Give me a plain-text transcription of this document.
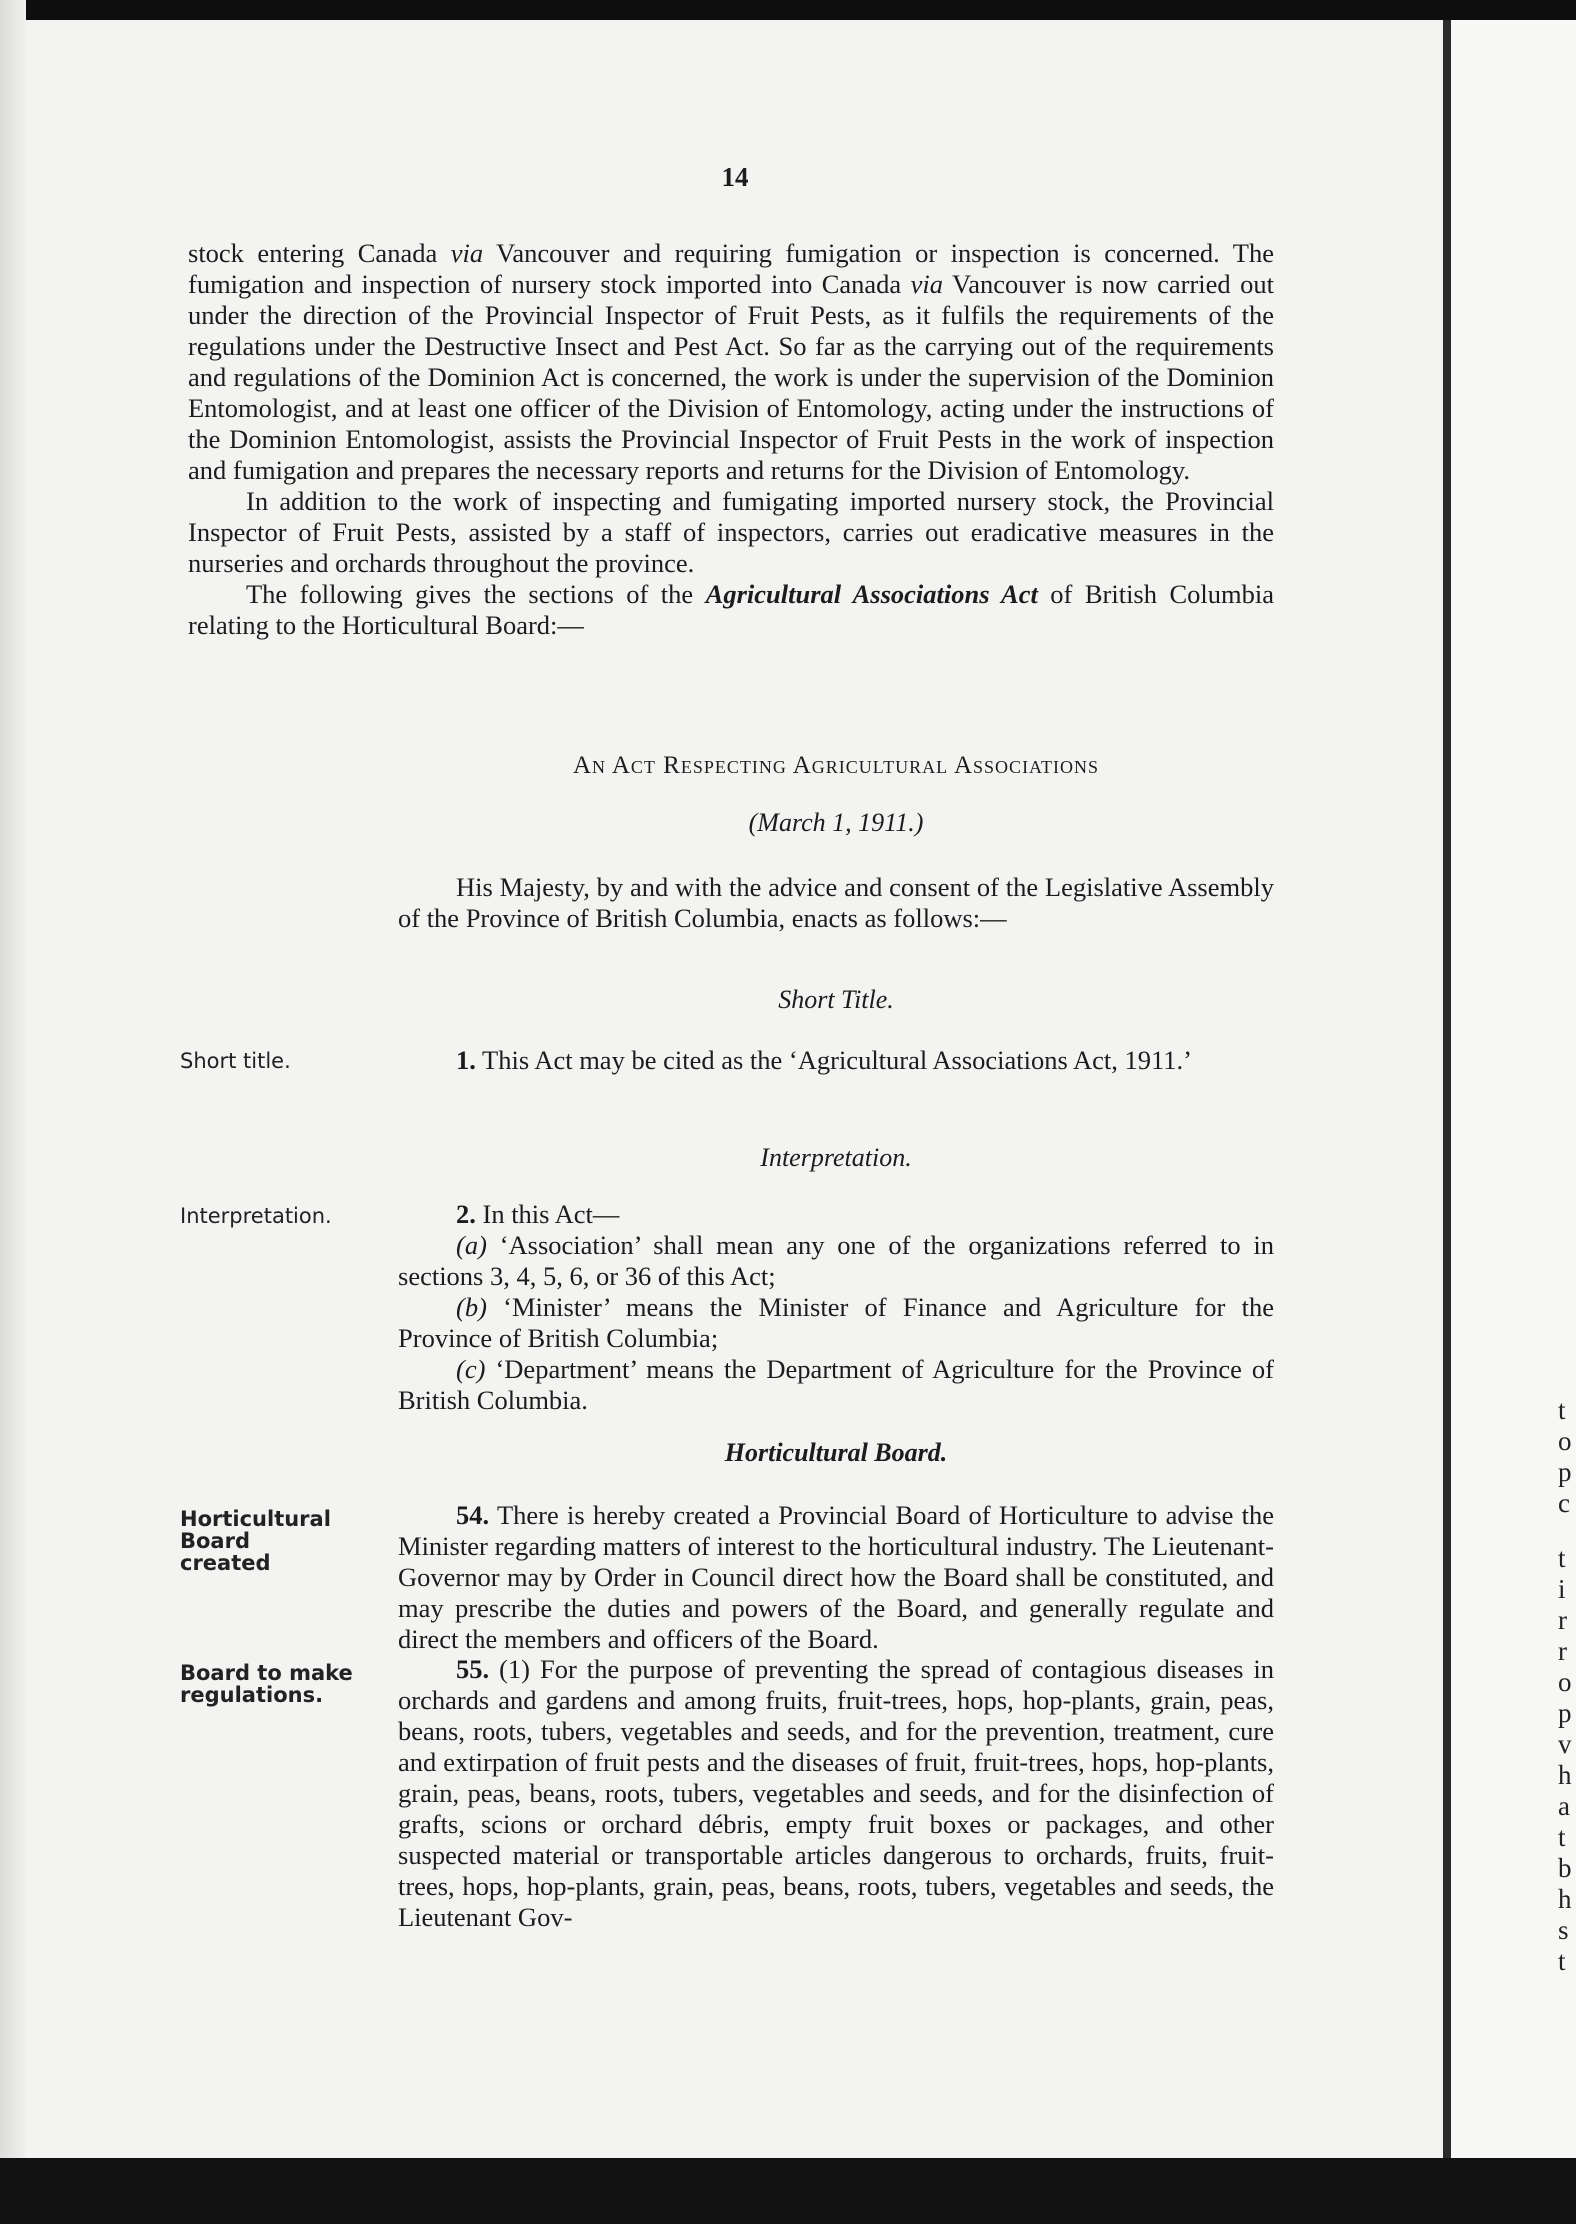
t
o
p
c
t
i
r
r
o
p
v
h
a
t
b
h
s
t
14

stock entering Canada via Vancouver and requiring fumigation or inspection is concerned. The fumigation and inspection of nursery stock imported into Canada via Vancouver is now carried out under the direction of the Provincial Inspector of Fruit Pests, as it fulfils the requirements of the regulations under the Destructive Insect and Pest Act. So far as the carrying out of the requirements and regulations of the Dominion Act is concerned, the work is under the supervision of the Dominion Entomologist, and at least one officer of the Division of Entomology, acting under the instructions of the Dominion Entomologist, assists the Provincial Inspector of Fruit Pests in the work of inspection and fumigation and prepares the necessary reports and returns for the Division of Entomology.

In addition to the work of inspecting and fumigating imported nursery stock, the Provincial Inspector of Fruit Pests, assisted by a staff of inspectors, carries out eradicative measures in the nurseries and orchards throughout the province.

The following gives the sections of the Agricultural Associations Act of British Columbia relating to the Horticultural Board:—

An Act Respecting Agricultural Associations
(March 1, 1911.)
His Majesty, by and with the advice and consent of the Legislative Assembly of the Province of British Columbia, enacts as follows:—
Short Title.
Short title.	1. This Act may be cited as the ‘Agricultural Associations Act, 1911.’
Interpretation.
Interpretation.	2. In this Act—

(a) ‘Association’ shall mean any one of the organizations referred to in sections 3, 4, 5, 6, or 36 of this Act;

(b) ‘Minister’ means the Minister of Finance and Agriculture for the Province of British Columbia;

(c) ‘Department’ means the Department of Agriculture for the Province of British Columbia.

Horticultural Board.
Horticultural Board created
54. There is hereby created a Provincial Board of Horticulture to advise the Minister regarding matters of interest to the horticultural industry. The Lieutenant-Governor may by Order in Council direct how the Board shall be constituted, and may prescribe the duties and powers of the Board, and generally regulate and direct the members and officers of the Board.
Board to make regulations.
55. (1) For the purpose of preventing the spread of contagious diseases in orchards and gardens and among fruits, fruit-trees, hops, hop-plants, grain, peas, beans, roots, tubers, vegetables and seeds, and for the prevention, treatment, cure and extirpation of fruit pests and the diseases of fruit, fruit-trees, hops, hop-plants, grain, peas, beans, roots, tubers, vegetables and seeds, and for the disinfection of grafts, scions or orchard débris, empty fruit boxes or packages, and other suspected material or transportable articles dangerous to orchards, fruits, fruit-trees, hops, hop-plants, grain, peas, beans, roots, tubers, vegetables and seeds, the Lieutenant Gov-
